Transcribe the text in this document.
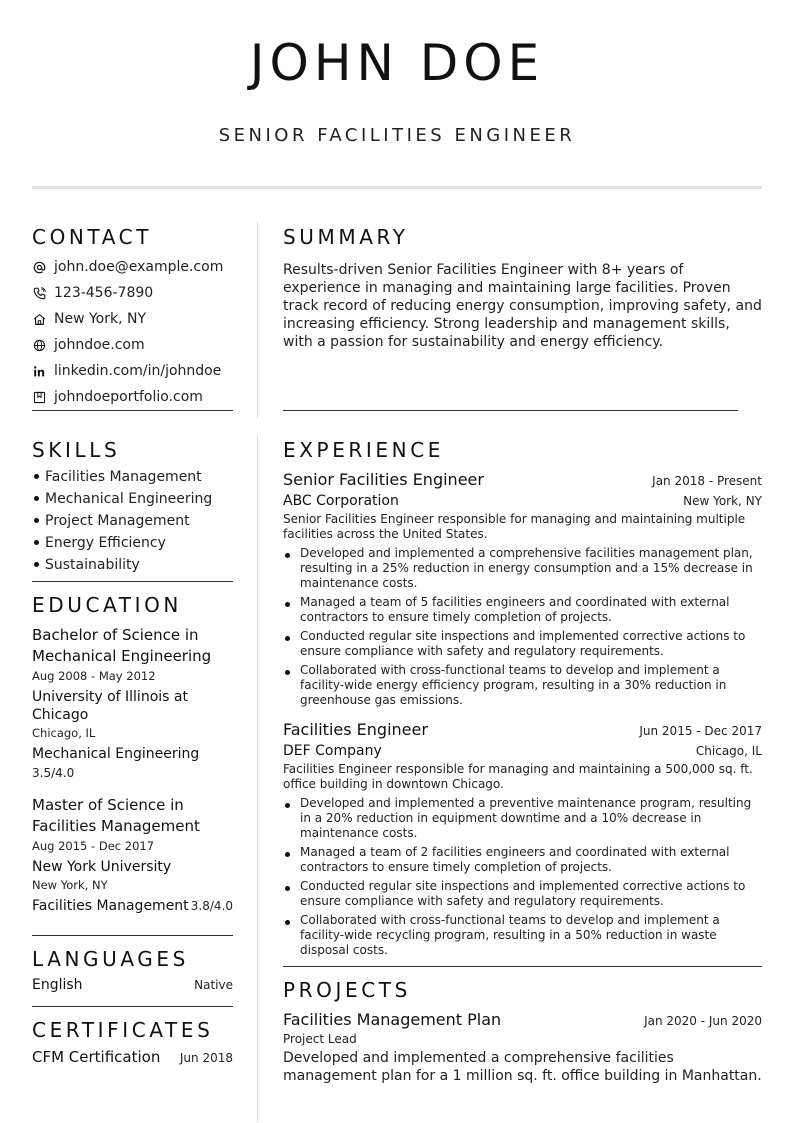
JOHN DOE
SENIOR FACILITIES ENGINEER
CONTACT
john.doe@example.com
123-456-7890
New York, NY
johndoe.com
linkedin.com/in/johndoe
johndoeportfolio.com
SKILLS
Facilities Management
Mechanical Engineering
Project Management
Energy Efficiency
Sustainability
EDUCATION
Bachelor of Science in Mechanical Engineering
Aug 2008 - May 2012
University of Illinois at Chicago
Chicago, IL
Mechanical Engineering
3.5/4.0
Master of Science in Facilities Management
Aug 2015 - Dec 2017
New York University
New York, NY
Facilities Management 3.8/4.0
LANGUAGES
English	Native
CERTIFICATES
CFM Certification Jun 2018
SUMMARY
Results-driven Senior Facilities Engineer with 8+ years of experience in managing and maintaining large facilities. Proven track record of reducing energy consumption, improving safety, and increasing efficiency. Strong leadership and management skills, with a passion for sustainability and energy efficiency.
EXPERIENCE
Senior Facilities Engineer	Jan 2018 - Present
ABC Corporation	New York, NY
Senior Facilities Engineer responsible for managing and maintaining multiple facilities across the United States.
Developed and implemented a comprehensive facilities management plan, resulting in a 25% reduction in energy consumption and a 15% decrease in maintenance costs.
Managed a team of 5 facilities engineers and coordinated with external contractors to ensure timely completion of projects.
Conducted regular site inspections and implemented corrective actions to ensure compliance with safety and regulatory requirements.
Collaborated with cross-functional teams to develop and implement a facility-wide energy efficiency program, resulting in a 30% reduction in greenhouse gas emissions.
Facilities Engineer	Jun 2015 - Dec 2017
DEF Company	Chicago, IL
Facilities Engineer responsible for managing and maintaining a 500,000 sq. ft. office building in downtown Chicago.
Developed and implemented a preventive maintenance program, resulting in a 20% reduction in equipment downtime and a 10% decrease in maintenance costs.
Managed a team of 2 facilities engineers and coordinated with external contractors to ensure timely completion of projects.
Conducted regular site inspections and implemented corrective actions to ensure compliance with safety and regulatory requirements.
Collaborated with cross-functional teams to develop and implement a facility-wide recycling program, resulting in a 50% reduction in waste disposal costs.
PROJECTS
Facilities Management Plan	Jan 2020 - Jun 2020
Project Lead
Developed and implemented a comprehensive facilities management plan for a 1 million sq. ft. office building in Manhattan.
